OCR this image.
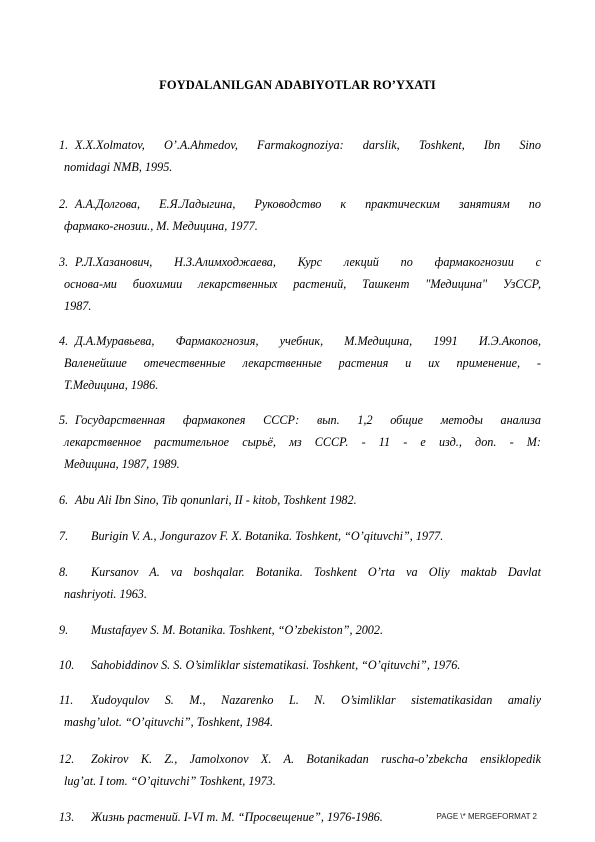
FOYDALANILGAN ADABIYOTLAR RO’YXATI
1. X.X.Xolmatov, O’.A.Ahmedov, Farmakognoziya: darslik, Toshkent, Ibn Sino
nomidagi NMB, 1995.
2. А.А.Долгова, Е.Я.Ладыгина, Руководство к практическим занятиям по
фармако-гнозии., М. Медицина, 1977.
3. Р.Л.Хазанович, Н.З.Алимходжаева, Курс лекций по фармакогнозии с
основа-ми биохимии лекарственных растений, Ташкент "Медицина" УзССР,
1987.
4. Д.А.Муравьева, Фармакогнозия, учебник, М.Медицина, 1991 И.Э.Акопов,
Валенейшие отечественные лекарственные растения и их применение, -
Т.Медицина, 1986.
5. Государственная фармакопея СССР: вып. 1,2 общие методы анализа
лекарственное растительное сырьё, мз СССР. - 11 - е изд., доп. - М:
Медицина, 1987, 1989.
6. Abu Ali Ibn Sino, Tib qonunlari, II - kitob, Toshkent 1982.
7. Burigin V. A., Jongurazov F. X. Botanika. Toshkent, “O’qituvchi”, 1977.
8. Kursanov A. va boshqalar. Botanika. Toshkent O’rta va Oliy maktab Davlat
nashriyoti. 1963.
9. Mustafayev S. M. Botanika. Toshkent, “O’zbekiston”, 2002.
10. Sahobiddinov S. S. O’simliklar sistematikasi. Toshkent, “O’qituvchi”, 1976.
11. Xudoyqulov S. M., Nazarenko L. N. O’simliklar sistematikasidan amaliy
mashg’ulot. “O’qituvchi”, Toshkent, 1984.
12. Zokirov K. Z., Jamolxonov X. A. Botanikadan ruscha-o’zbekcha ensiklopedik
lug’at. I tom. “O’qituvchi” Toshkent, 1973.
13. Жизнь растений. I-VI т. М. “Просвещение”, 1976-1986.	PAGE \* MERGEFORMAT 2
